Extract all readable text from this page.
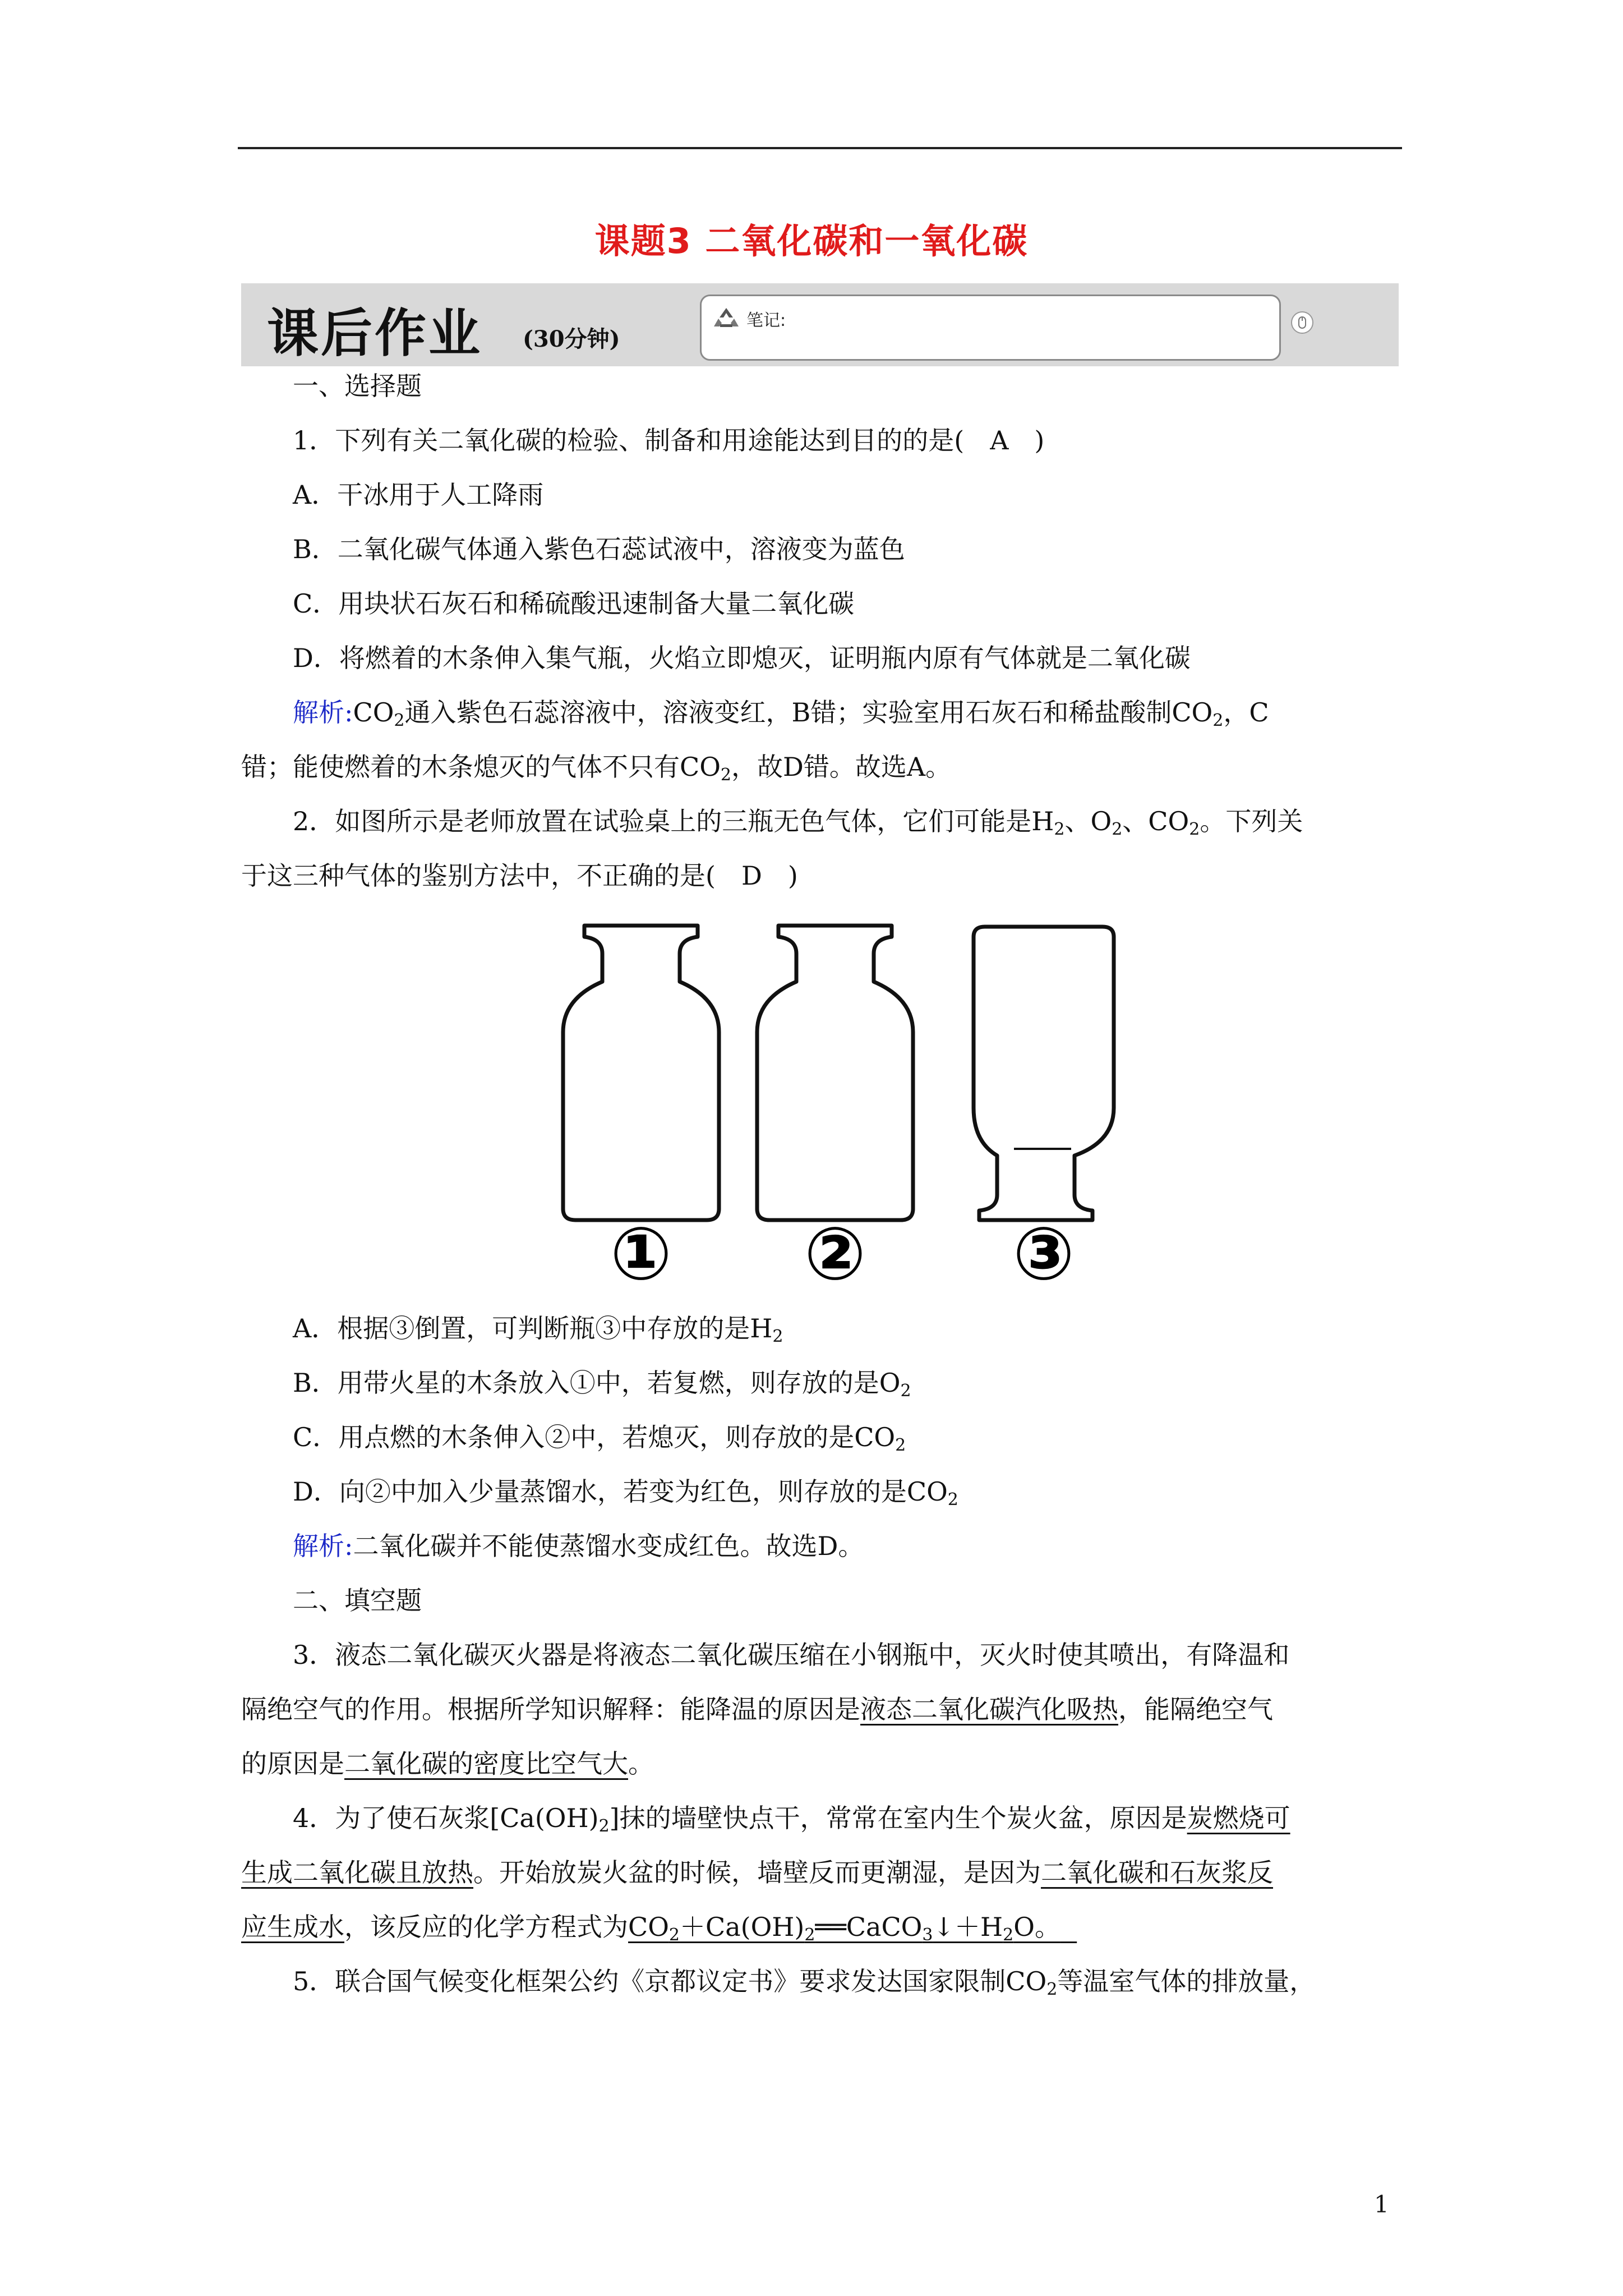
课题3 二氧化碳和一氧化碳
课后作业 (30分钟)
笔记:

一、选择题

1．下列有关二氧化碳的检验、制备和用途能达到目的的是(　A　)

A．干冰用于人工降雨

B．二氧化碳气体通入紫色石蕊试液中，溶液变为蓝色

C．用块状石灰石和稀硫酸迅速制备大量二氧化碳

D．将燃着的木条伸入集气瓶，火焰立即熄灭，证明瓶内原有气体就是二氧化碳

解析$:CO_2$通入紫色石蕊溶液中，溶液变红，B错；实验室用石灰石和稀盐酸制$CO_2$，C

错；能使燃着的木条熄灭的气体不只有$CO_2$，故D错。故选A。

2．如图所示是老师放置在试验桌上的三瓶无色气体，它们可能是$H_2$、$O_2$、$CO_2$。下列关

于这三种气体的鉴别方法中，不正确的是(　D　)

① ② ③

A．根据③倒置，可判断瓶③中存放的是$H_2$

B．用带火星的木条放入①中，若复燃，则存放的是$O_2$

C．用点燃的木条伸入②中，若熄灭，则存放的是$CO_2$

D．向②中加入少量蒸馏水，若变为红色，则存放的是$CO_2$

解析:二氧化碳并不能使蒸馏水变成红色。故选D。

二、填空题

3．液态二氧化碳灭火器是将液态二氧化碳压缩在小钢瓶中，灭火时使其喷出，有降温和

隔绝空气的作用。根据所学知识解释：能降温的原因是液态二氧化碳汽化吸热，能隔绝空气

的原因是二氧化碳的密度比空气大。

4．为了使石灰浆$[Ca(OH)_2]$抹的墙壁快点干，常常在室内生个炭火盆，原因是炭燃烧可

生成二氧化碳且放热。开始放炭火盆的时候，墙壁反而更潮湿，是因为二氧化碳和石灰浆反

应生成水，该反应的化学方程式为$CO_2+Ca(OH)_2══CaCO_3↓+H_2O$。

5．联合国气候变化框架公约《京都议定书》要求发达国家限制$CO_2$等温室气体的排放量，

1
